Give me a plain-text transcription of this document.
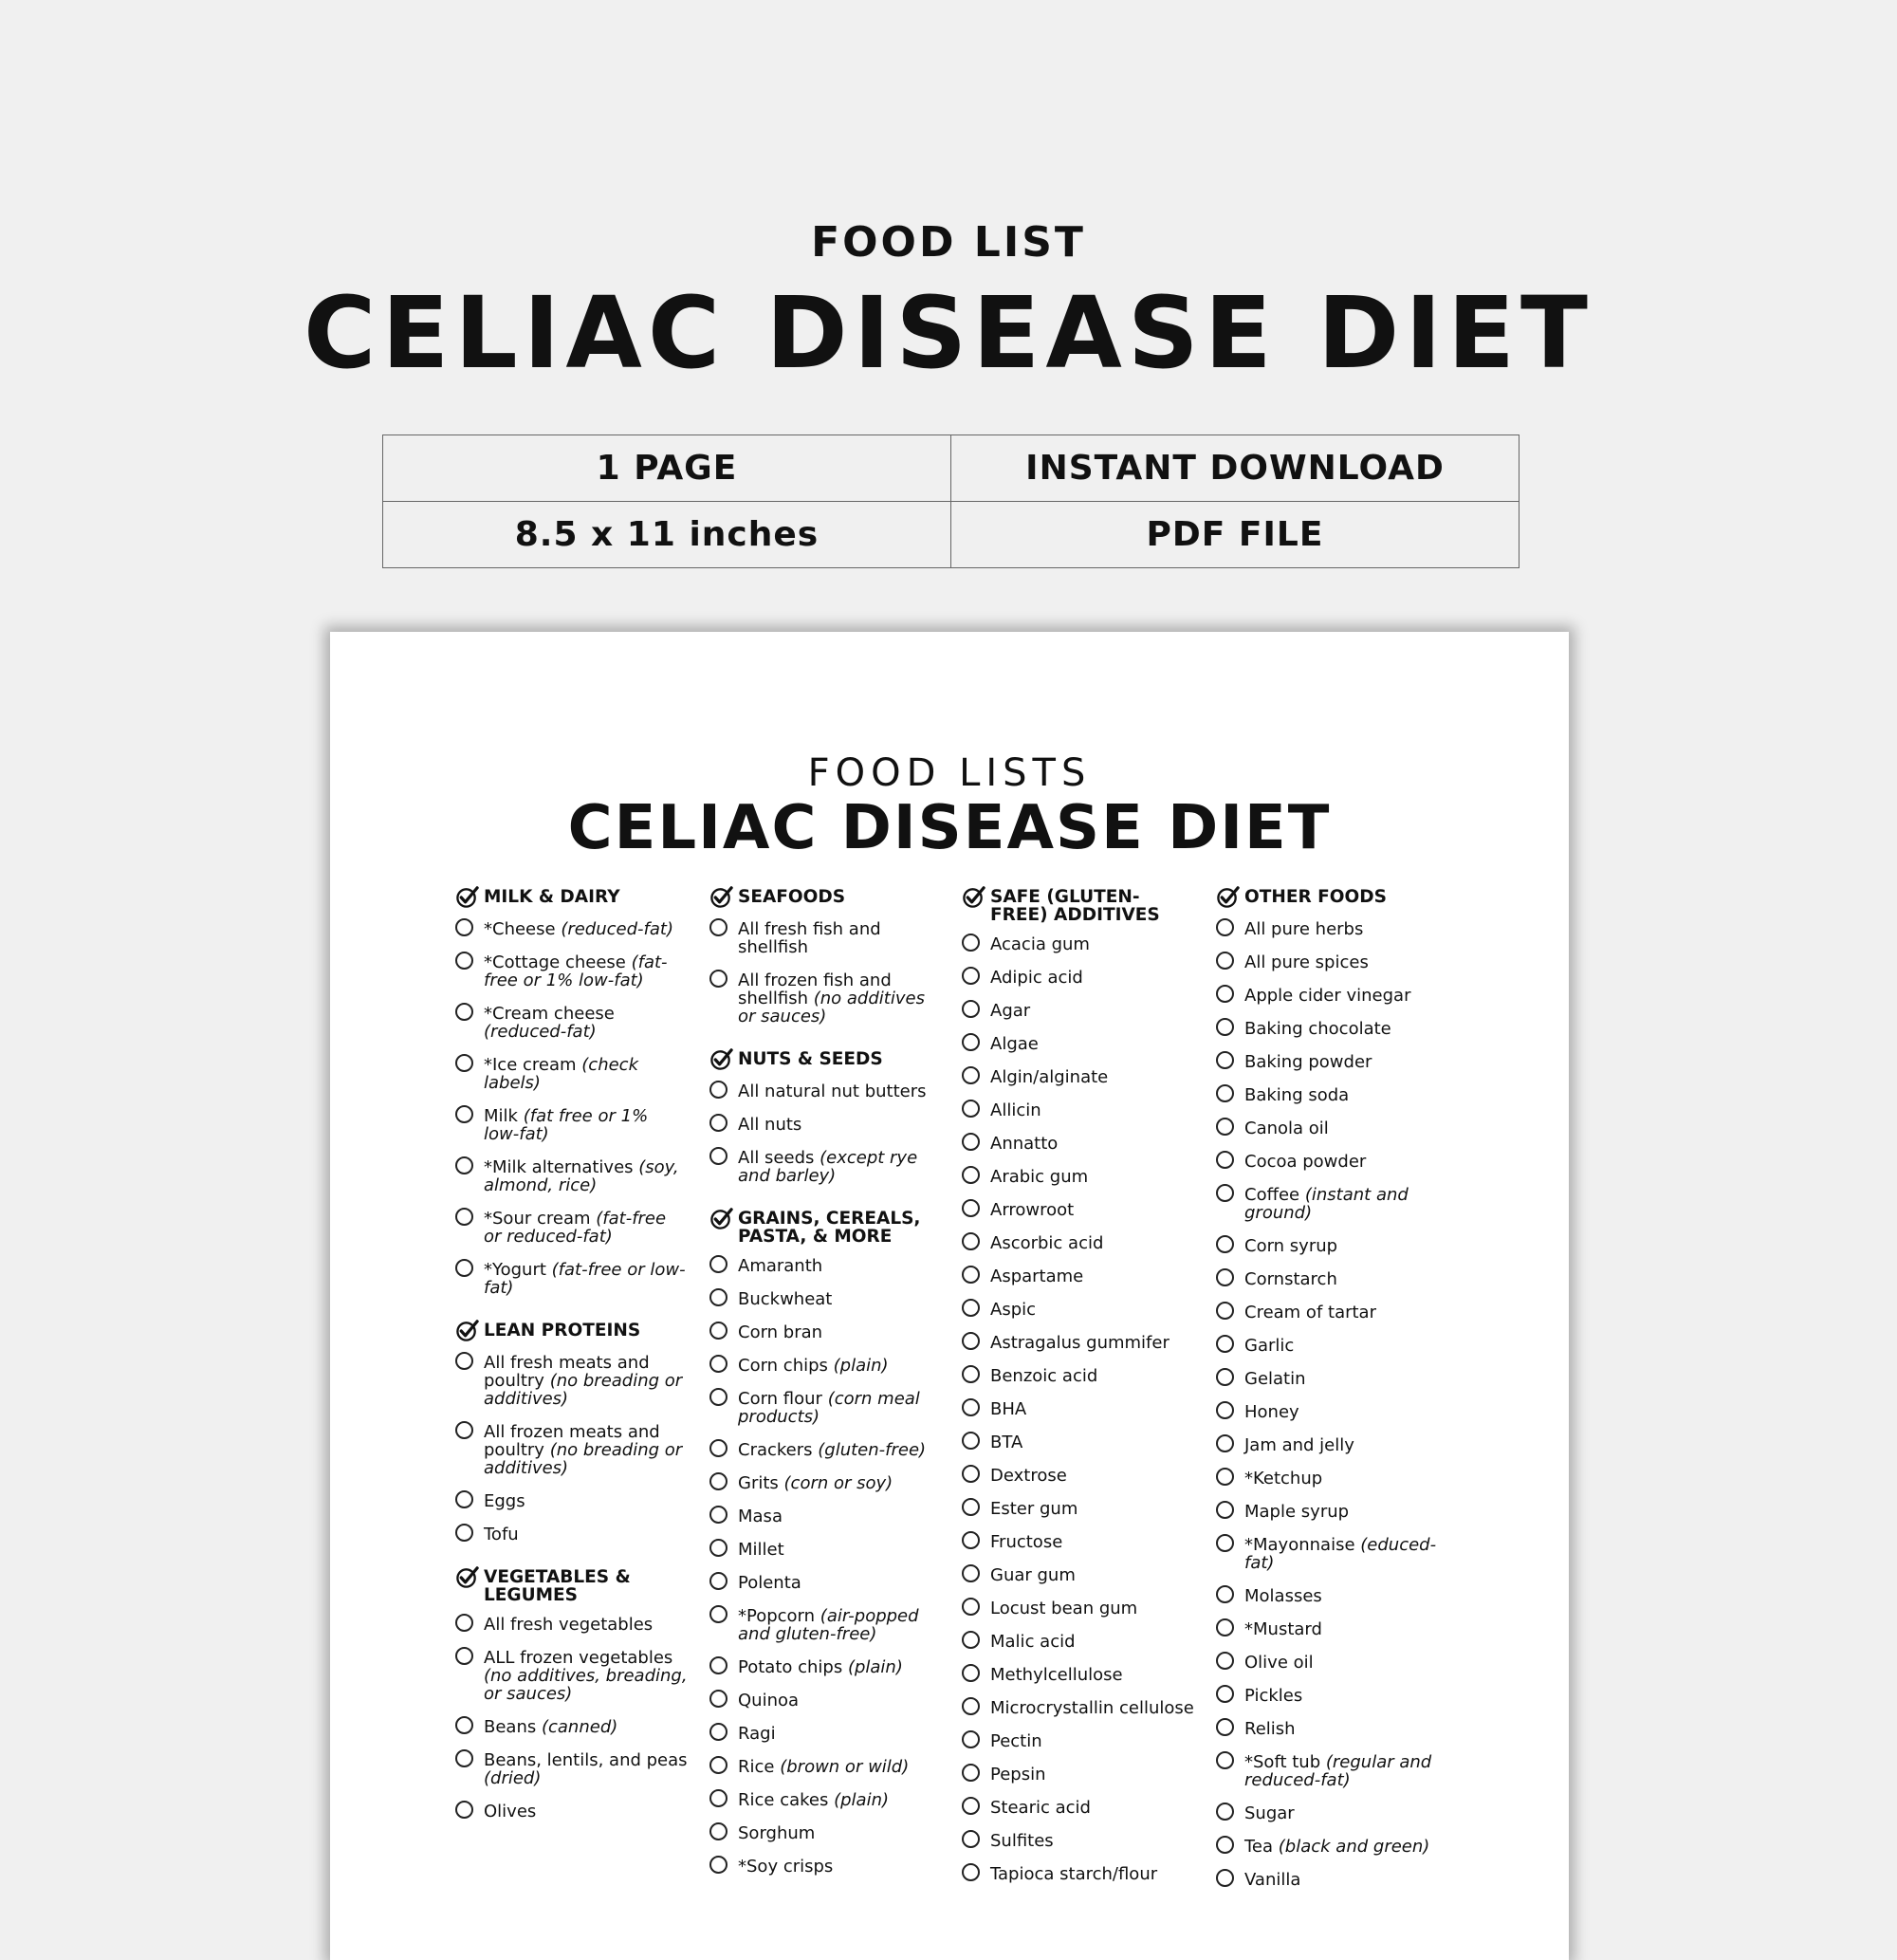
FOOD LIST
CELIAC DISEASE DIET
1 PAGE	INSTANT DOWNLOAD
8.5 x 11 inches	PDF FILE
FOOD LISTS
CELIAC DISEASE DIET
MILK & DAIRY
*Cheese (reduced-fat)
*Cottage cheese (fat-free or 1% low-fat)
*Cream cheese (reduced-fat)
*Ice cream (check labels)
Milk (fat free or 1% low-fat)
*Milk alternatives (soy, almond, rice)
*Sour cream (fat-free or reduced-fat)
*Yogurt (fat-free or low-fat)
LEAN PROTEINS
All fresh meats and poultry (no breading or additives)
All frozen meats and poultry (no breading or additives)
Eggs
Tofu
VEGETABLES & LEGUMES
All fresh vegetables
ALL frozen vegetables (no additives, breading, or sauces)
Beans (canned)
Beans, lentils, and peas (dried)
Olives
SEAFOODS
All fresh fish and shellfish
All frozen fish and shellfish (no additives or sauces)
NUTS & SEEDS
All natural nut butters
All nuts
All seeds (except rye and barley)
GRAINS, CEREALS, PASTA, & MORE
Amaranth
Buckwheat
Corn bran
Corn chips (plain)
Corn flour (corn meal products)
Crackers (gluten-free)
Grits (corn or soy)
Masa
Millet
Polenta
*Popcorn (air-popped and gluten-free)
Potato chips (plain)
Quinoa
Ragi
Rice (brown or wild)
Rice cakes (plain)
Sorghum
*Soy crisps
SAFE (GLUTEN-FREE) ADDITIVES
Acacia gum
Adipic acid
Agar
Algae
Algin/alginate
Allicin
Annatto
Arabic gum
Arrowroot
Ascorbic acid
Aspartame
Aspic
Astragalus gummifer
Benzoic acid
BHA
BTA
Dextrose
Ester gum
Fructose
Guar gum
Locust bean gum
Malic acid
Methylcellulose
Microcrystallin cellulose
Pectin
Pepsin
Stearic acid
Sulfites
Tapioca starch/flour
OTHER FOODS
All pure herbs
All pure spices
Apple cider vinegar
Baking chocolate
Baking powder
Baking soda
Canola oil
Cocoa powder
Coffee (instant and ground)
Corn syrup
Cornstarch
Cream of tartar
Garlic
Gelatin
Honey
Jam and jelly
*Ketchup
Maple syrup
*Mayonnaise (educed-fat)
Molasses
*Mustard
Olive oil
Pickles
Relish
*Soft tub (regular and reduced-fat)
Sugar
Tea (black and green)
Vanilla
